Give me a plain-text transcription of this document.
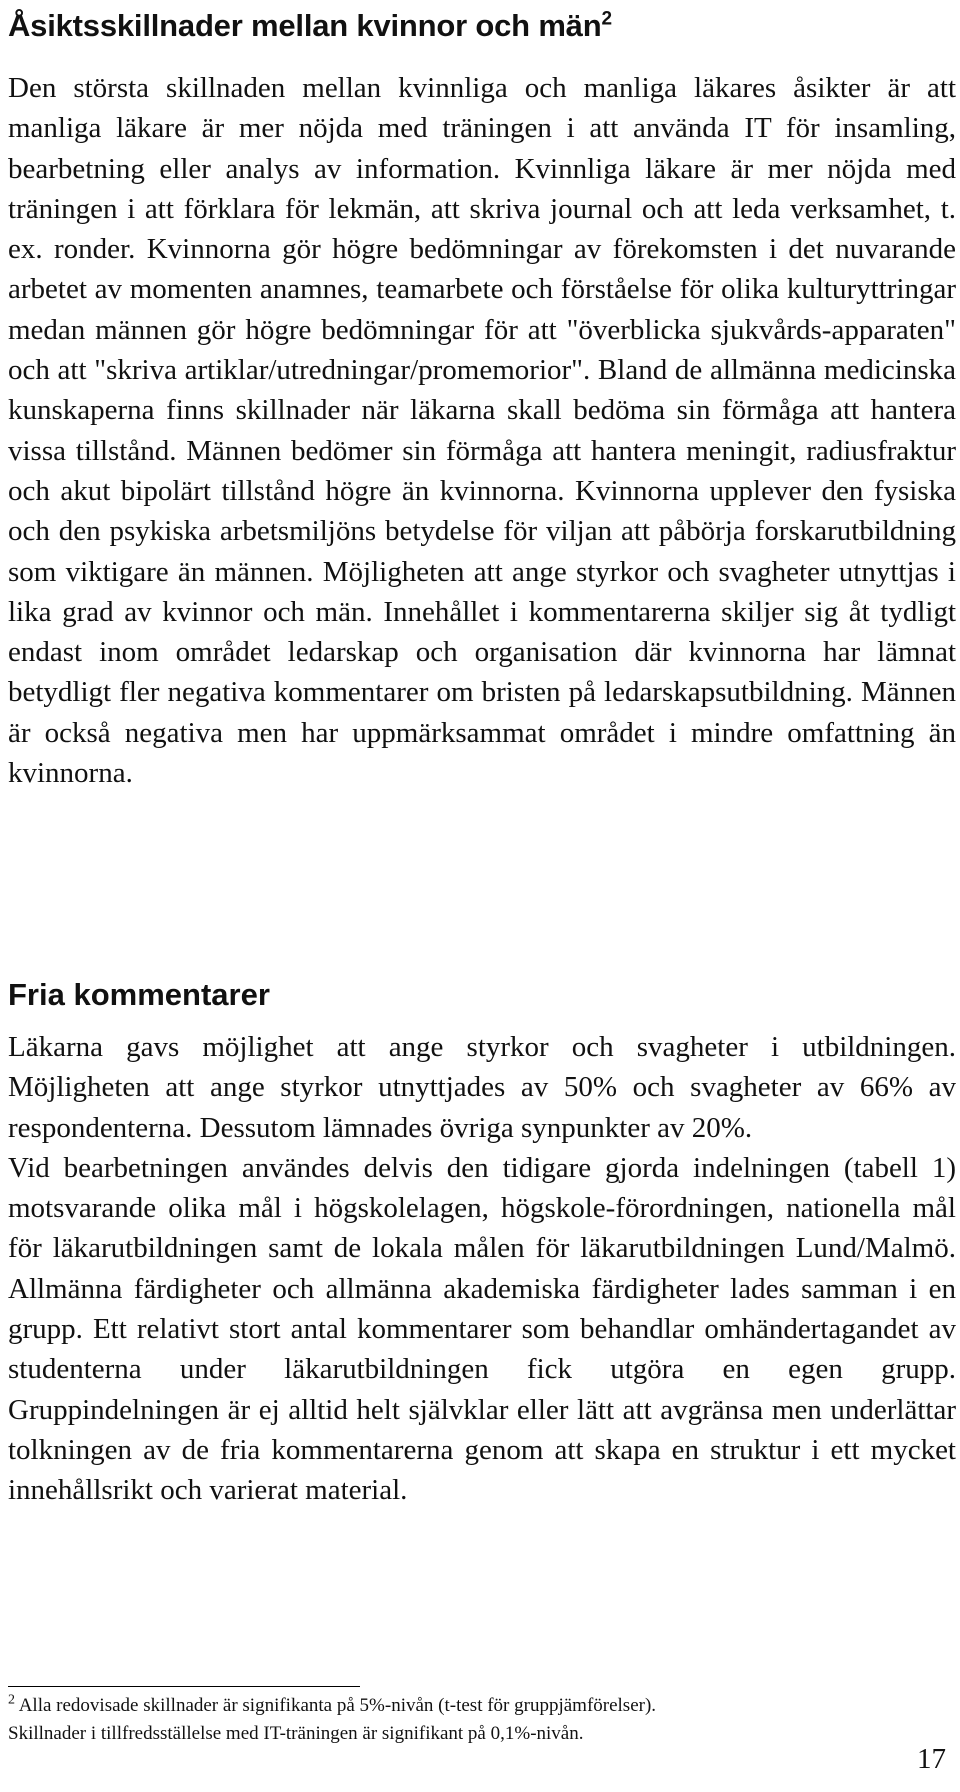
Åsiktsskillnader mellan kvinnor och män$^2$

Den största skillnaden mellan kvinnliga och manliga läkares åsikter är att manliga läkare är mer nöjda med träningen i att använda IT för insamling, bearbetning eller analys av information. Kvinnliga läkare är mer nöjda med träningen i att förklara för lekmän, att skriva journal och att leda verksamhet, t. ex. ronder. Kvinnorna gör högre bedömningar av förekomsten i det nuvarande arbetet av momenten anamnes, teamarbete och förståelse för olika kulturyttringar medan männen gör högre bedömningar för att "överblicka sjukvårds-apparaten" och att "skriva artiklar/utredningar/promemorior". Bland de allmänna medicinska kunskaperna finns skillnader när läkarna skall bedöma sin förmåga att hantera vissa tillstånd. Männen bedömer sin förmåga att hantera meningit, radiusfraktur och akut bipolärt tillstånd högre än kvinnorna. Kvinnorna upplever den fysiska och den psykiska arbetsmiljöns betydelse för viljan att påbörja forskarutbildning som viktigare än männen. Möjligheten att ange styrkor och svagheter utnyttjas i lika grad av kvinnor och män. Innehållet i kommentarerna skiljer sig åt tydligt endast inom området ledarskap och organisation där kvinnorna har lämnat betydligt fler negativa kommentarer om bristen på ledarskapsutbildning. Männen är också negativa men har uppmärksammat området i mindre omfattning än kvinnorna.

Fria kommentarer

Läkarna gavs möjlighet att ange styrkor och svagheter i utbildningen. Möjligheten att ange styrkor utnyttjades av 50% och svagheter av 66% av respondenterna. Dessutom lämnades övriga synpunkter av 20%.

Vid bearbetningen användes delvis den tidigare gjorda indelningen (tabell 1) motsvarande olika mål i högskolelagen, högskole-förordningen, nationella mål för läkarutbildningen samt de lokala målen för läkarutbildningen Lund/Malmö. Allmänna färdigheter och allmänna akademiska färdigheter lades samman i en grupp. Ett relativt stort antal kommentarer som behandlar omhändertagandet av studenterna under läkarutbildningen fick utgöra en egen grupp. Gruppindelningen är ej alltid helt självklar eller lätt att avgränsa men underlättar tolkningen av de fria kommentarerna genom att skapa en struktur i ett mycket innehållsrikt och varierat material.

$^2$ Alla redovisade skillnader är signifikanta på 5%-nivån (t-test för gruppjämförelser).
Skillnader i tillfredsställelse med IT-träningen är signifikant på 0,1%-nivån.
17
